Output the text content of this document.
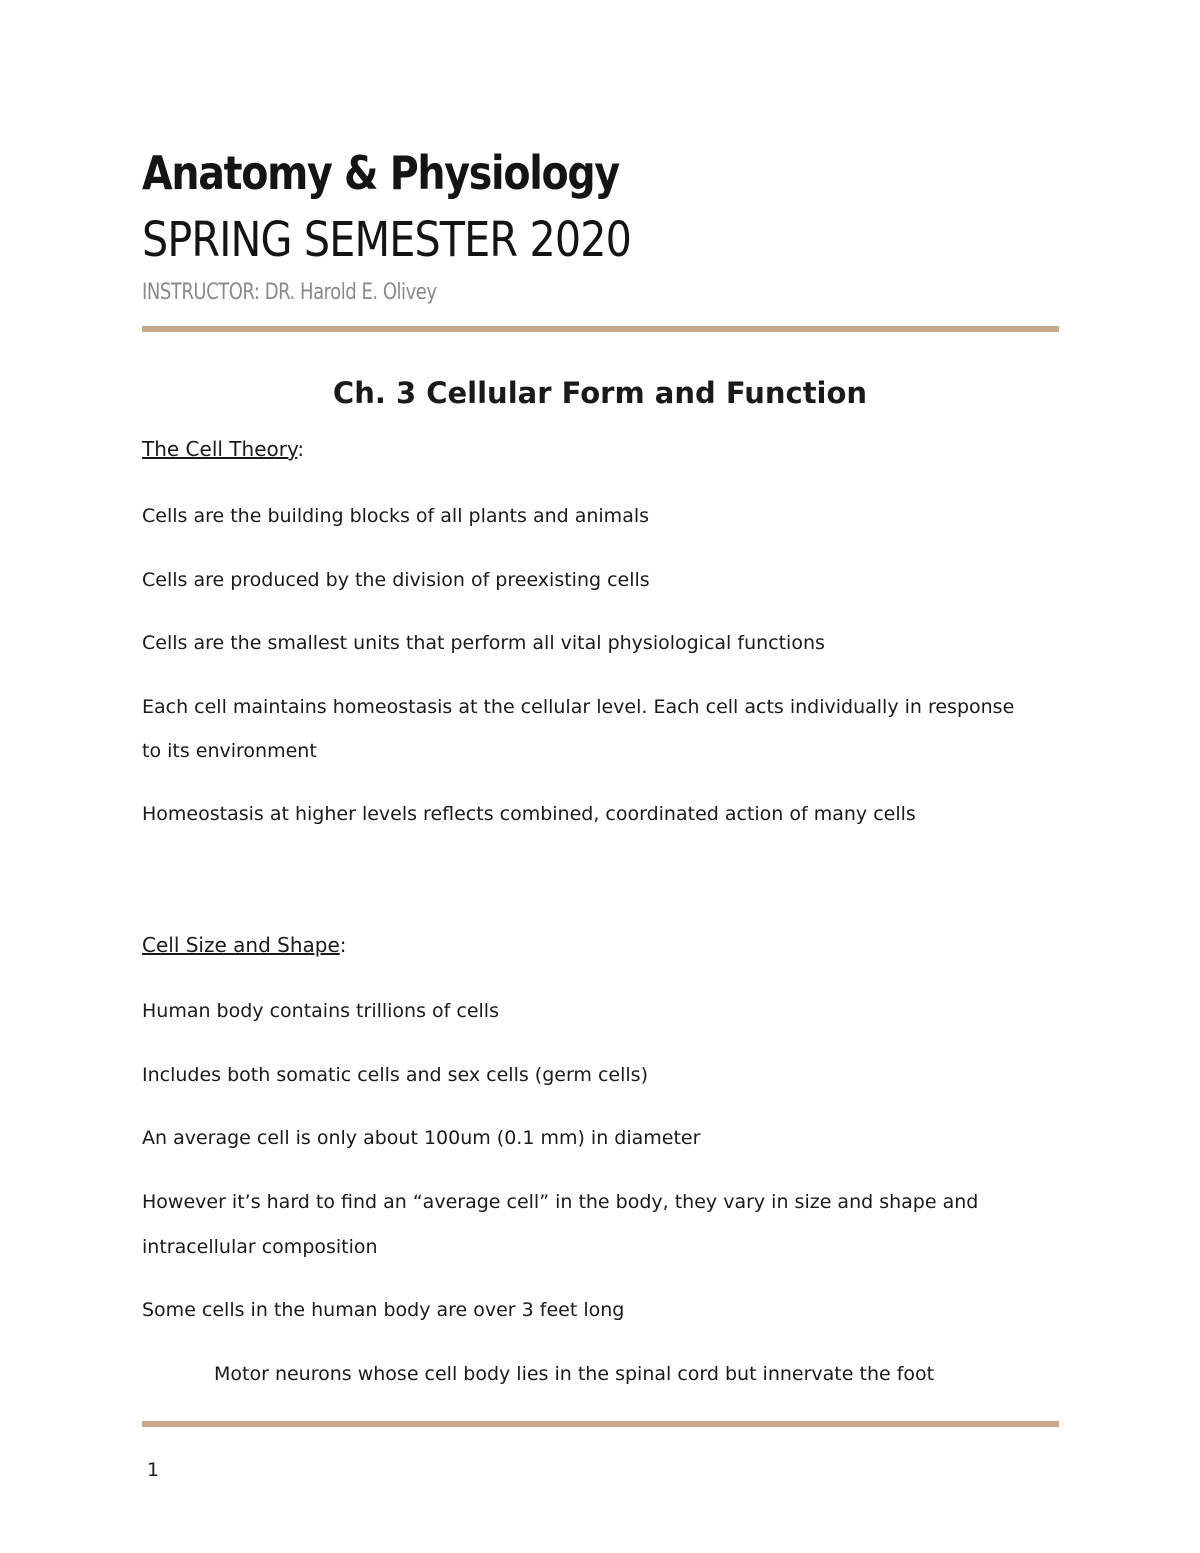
Anatomy & Physiology
SPRING SEMESTER 2020
INSTRUCTOR: DR. Harold E. Olivey
Ch. 3 Cellular Form and Function
The Cell Theory:
Cells are the building blocks of all plants and animals
Cells are produced by the division of preexisting cells
Cells are the smallest units that perform all vital physiological functions
Each cell maintains homeostasis at the cellular level. Each cell acts individually in response
to its environment
Homeostasis at higher levels reflects combined, coordinated action of many cells
Cell Size and Shape:
Human body contains trillions of cells
Includes both somatic cells and sex cells (germ cells)
An average cell is only about 100um (0.1 mm) in diameter
However it’s hard to find an “average cell” in the body, they vary in size and shape and
intracellular composition
Some cells in the human body are over 3 feet long
Motor neurons whose cell body lies in the spinal cord but innervate the foot
1
